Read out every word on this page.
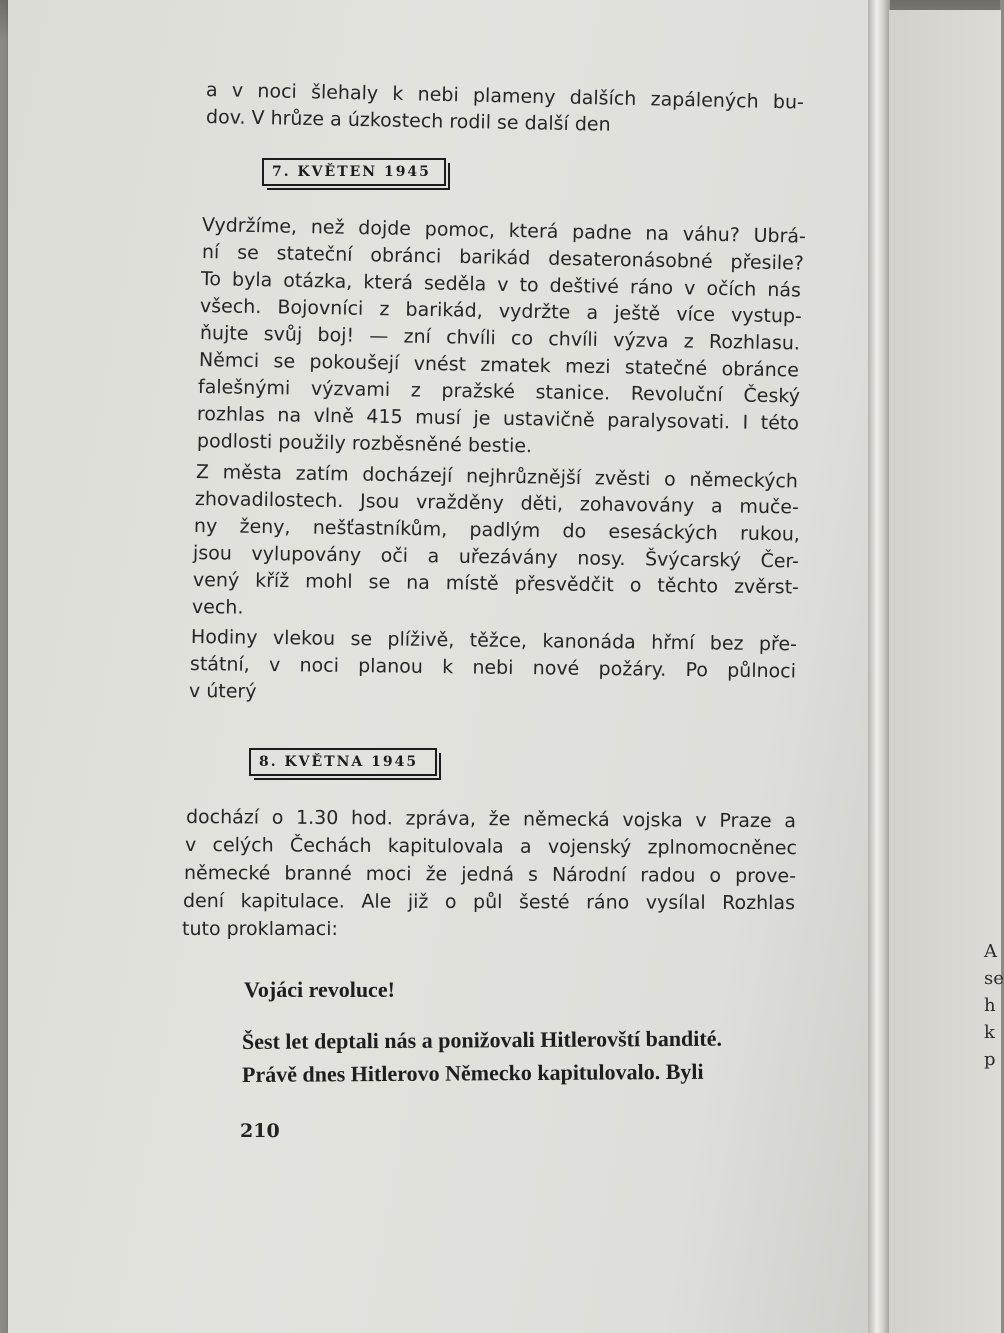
A
se
h
k
p
a v noci šlehaly k nebi plameny dalších zapálených bu-
dov. V hrůze a úzkostech rodil se další den
7. KVĚTEN 1945
Vydržíme, než dojde pomoc, která padne na váhu? Ubrá-
ní se stateční obránci barikád desateronásobné přesile?
To byla otázka, která seděla v to deštivé ráno v očích nás
všech. Bojovníci z barikád, vydržte a ještě více vystup-
ňujte svůj boj! — zní chvíli co chvíli výzva z Rozhlasu.
Němci se pokoušejí vnést zmatek mezi statečné obránce
falešnými výzvami z pražské stanice. Revoluční Český
rozhlas na vlně 415 musí je ustavičně paralysovati. I této
podlosti použily rozběsněné bestie.
Z města zatím docházejí nejhrůznější zvěsti o německých
zhovadilostech. Jsou vražděny děti, zohavovány a muče-
ny ženy, nešťastníkům, padlým do esesáckých rukou,
jsou vylupovány oči a uřezávány nosy. Švýcarský Čer-
vený kříž mohl se na místě přesvědčit o těchto zvěrst-
vech.
Hodiny vlekou se plíživě, těžce, kanonáda hřmí bez pře-
státní, v noci planou k nebi nové požáry. Po půlnoci
v úterý
8. KVĚTNA 1945
dochází o 1.30 hod. zpráva, že německá vojska v Praze a
v celých Čechách kapitulovala a vojenský zplnomocněnec
německé branné moci že jedná s Národní radou o prove-
dení kapitulace. Ale již o půl šesté ráno vysílal Rozhlas
tuto proklamaci:
Vojáci revoluce!
Šest let deptali nás a ponižovali Hitlerovští bandité.
Právě dnes Hitlerovo Německo kapitulovalo. Byli
210
